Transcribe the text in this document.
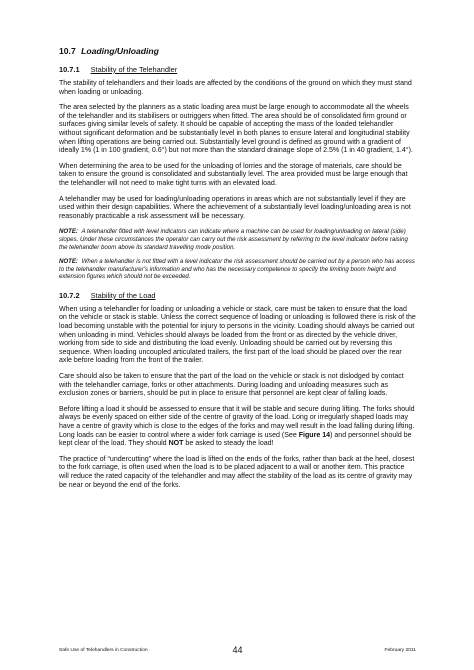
10.7 Loading/Unloading
10.7.1 Stability of the Telehandler

The stability of telehandlers and their loads are affected by the conditions of the ground on which they must stand when loading or unloading.

The area selected by the planners as a static loading area must be large enough to accommodate all the wheels of the telehandler and its stabilisers or outriggers when fitted. The area should be of consolidated firm ground or surfaces giving similar levels of safety. It should be capable of accepting the mass of the loaded telehandler without significant deformation and be substantially level in both planes to ensure lateral and longitudinal stability when lifting operations are being carried out. Substantially level ground is defined as ground with a gradient of ideally 1% (1 in 100 gradient, 0.6°) but not more than the standard drainage slope of 2.5% (1 in 40 gradient, 1.4°).

When determining the area to be used for the unloading of lorries and the storage of materials, care should be taken to ensure the ground is consolidated and substantially level. The area provided must be large enough that the telehandler will not need to make tight turns with an elevated load.

A telehandler may be used for loading/unloading operations in areas which are not substantially level if they are used within their design capabilities. Where the achievement of a substantially level loading/unloading area is not reasonably practicable a risk assessment will be necessary.

NOTE: A telehandler fitted with level indicators can indicate where a machine can be used for loading/unloading on lateral (side) slopes. Under these circumstances the operator can carry out the risk assessment by referring to the level indicator before raising the telehandler boom above its standard travelling mode position.

NOTE: When a telehandler is not fitted with a level indicator the risk assessment should be carried out by a person who has access to the telehandler manufacturer's information and who has the necessary competence to specify the limiting boom height and extension figures which should not be exceeded.

10.7.2 Stability of the Load

When using a telehandler for loading or unloading a vehicle or stack, care must be taken to ensure that the load on the vehicle or stack is stable. Unless the correct sequence of loading or unloading is followed there is risk of the load becoming unstable with the potential for injury to persons in the vicinity. Loading should always be carried out when unloading in mind. Vehicles should always be loaded from the front or as directed by the vehicle driver, working from side to side and distributing the load evenly. Unloading should be carried out by reversing this sequence. When loading uncoupled articulated trailers, the first part of the load should be placed over the rear axle before loading from the front of the trailer.

Care should also be taken to ensure that the part of the load on the vehicle or stack is not dislodged by contact with the telehandler carriage, forks or other attachments. During loading and unloading measures such as exclusion zones or barriers, should be put in place to ensure that personnel are kept clear of falling loads.

Before lifting a load it should be assessed to ensure that it will be stable and secure during lifting. The forks should always be evenly spaced on either side of the centre of gravity of the load. Long or irregularly shaped loads may have a centre of gravity which is close to the edges of the forks and may well result in the load falling during lifting. Long loads can be easier to control where a wider fork carriage is used (See Figure 14) and personnel should be kept clear of the load. They should NOT be asked to steady the load!

The practice of “undercutting” where the load is lifted on the ends of the forks, rather than back at the heel, closest to the fork carriage, is often used when the load is to be placed adjacent to a wall or another item. This practice will reduce the rated capacity of the telehandler and may affect the stability of the load as its centre of gravity may be near or beyond the end of the forks.

Safe Use of Telehandlers in Construction	44	February 2011
